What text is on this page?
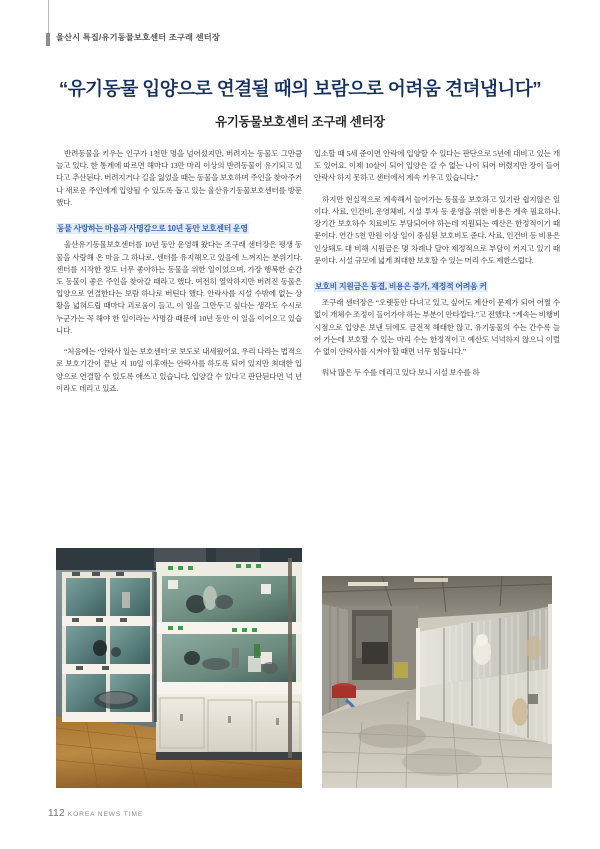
울산시 특집/유기동물보호센터 조구래 센터장
“유기동물 입양으로 연결될 때의 보람으로 어려움 견뎌냅니다”
유기동물보호센터 조구래 센터장

반려동물을 키우는 인구가 1천만 명을 넘어섰지만, 버려지는 동물도 그만큼 늘고 있다. 한 통계에 따르면 해마다 13만 마리 이상의 반려동물이 유기되고 있다고 추산된다. 버려지거나 길을 잃었을 때는 동물을 보호하며 주인을 찾아주거나 새로운 주인에게 입양될 수 있도록 돕고 있는 울산유기동물보호센터를 방문했다.

동물 사랑하는 마음과 사명감으로 10년 동안 보호센터 운영

울산유기동물보호센터를 10년 동안 운영해 왔다는 조구래 센터장은 평생 동물을 사랑해 온 마음 그 하나로, 센터를 유지해오고 있음에 느껴지는 분위기다. 센터를 시작한 정도 너무 좋아하는 동물을 위한 일이었으며, 가장 행복한 순간도 동물이 좋은 주인을 찾아갈 때라고 했다. 여전히 열악하지만 버려진 동물은 입양으로 연결한다는 보람 하나로 버틴다 했다. 안락사를 시설 수밖에 없는 상황을 넓혀드립 때마다 괴로움이 들고, 이 일을 그만두고 싶다는 생각도 수시로 누군가는 꼭 해야 한 일이라는 사명감 때문에 10년 동안 이 일을 이어오고 있습니다.

“처음에는 ‘안락사 일는 보호센터’로 보도로 내세웠어요. 우리 나라는 법적으로 보호기간이 끝난 지 10일 이후에는 안락사를 하도록 되어 있지만 최대한 입양으로 연결할 수 있도록 애쓰고 있습니다. 입양갈 수 있다고 판단된다면 넉 년이라도 데리고 있죠.

입소할 때 5세 준이면 안락에 입양할 수 있다는 판단으로 5년에 대비고 있는 개도 있어요. 이제 10살이 되어 입양은 갈 수 없는 나이 되어 버렸지만 장이 들어 안락사 하지 못하고 센터에서 계속 키우고 있습니다.”

하지만 현실적으로 계속해서 늘어가는 동물을 보호하고 있기란 쉽지않은 일이다. 사료, 인건비, 운영체비, 시설 투자 등 운영을 위한 비용은 계속 필요하나, 장기간 보호하수 치료비도 부담되어야 하는데 지원되는 예산은 한정적이기 때문이다. 연간 5천 만원 이상 일이 중심된 보호비도 준다. 사료, 인건비 등 비용은 인상돼도 대 비해 시원금은 몇 차례나 달아 제정적으로 부담이 커지고 있기 때문이다. 시설 규모에 넓게 최대한 보호할 수 있는 머리 수도 제한스럽다.

보호비 지원금은 동결, 비용은 증가, 재정적 어려움 커

조구래 센터장은 “오랫동안 다녀고 있고, 싶어도 계산이 문제가 되어 어쩔 수 없이 개체수 조정이 들어가야 하는 부분이 안타깝다.”고 전했다. “계속는 비행비 시점으로 입양은 보낸 뒤에도 금전적 해태한 않고, 유기동물의 수는 간수록 늘어 가는데 보호할 수 있는 마리 수는 한정적이고 예산도 넉넉하지 않으니 이럴 수 없이 안락사를 시켜야 할 때면 너무 힘듭니다.”

워낙 많은 두 수를 데리고 있다 보니 시설 보수를 하

112 KOREA NEWS TIME
